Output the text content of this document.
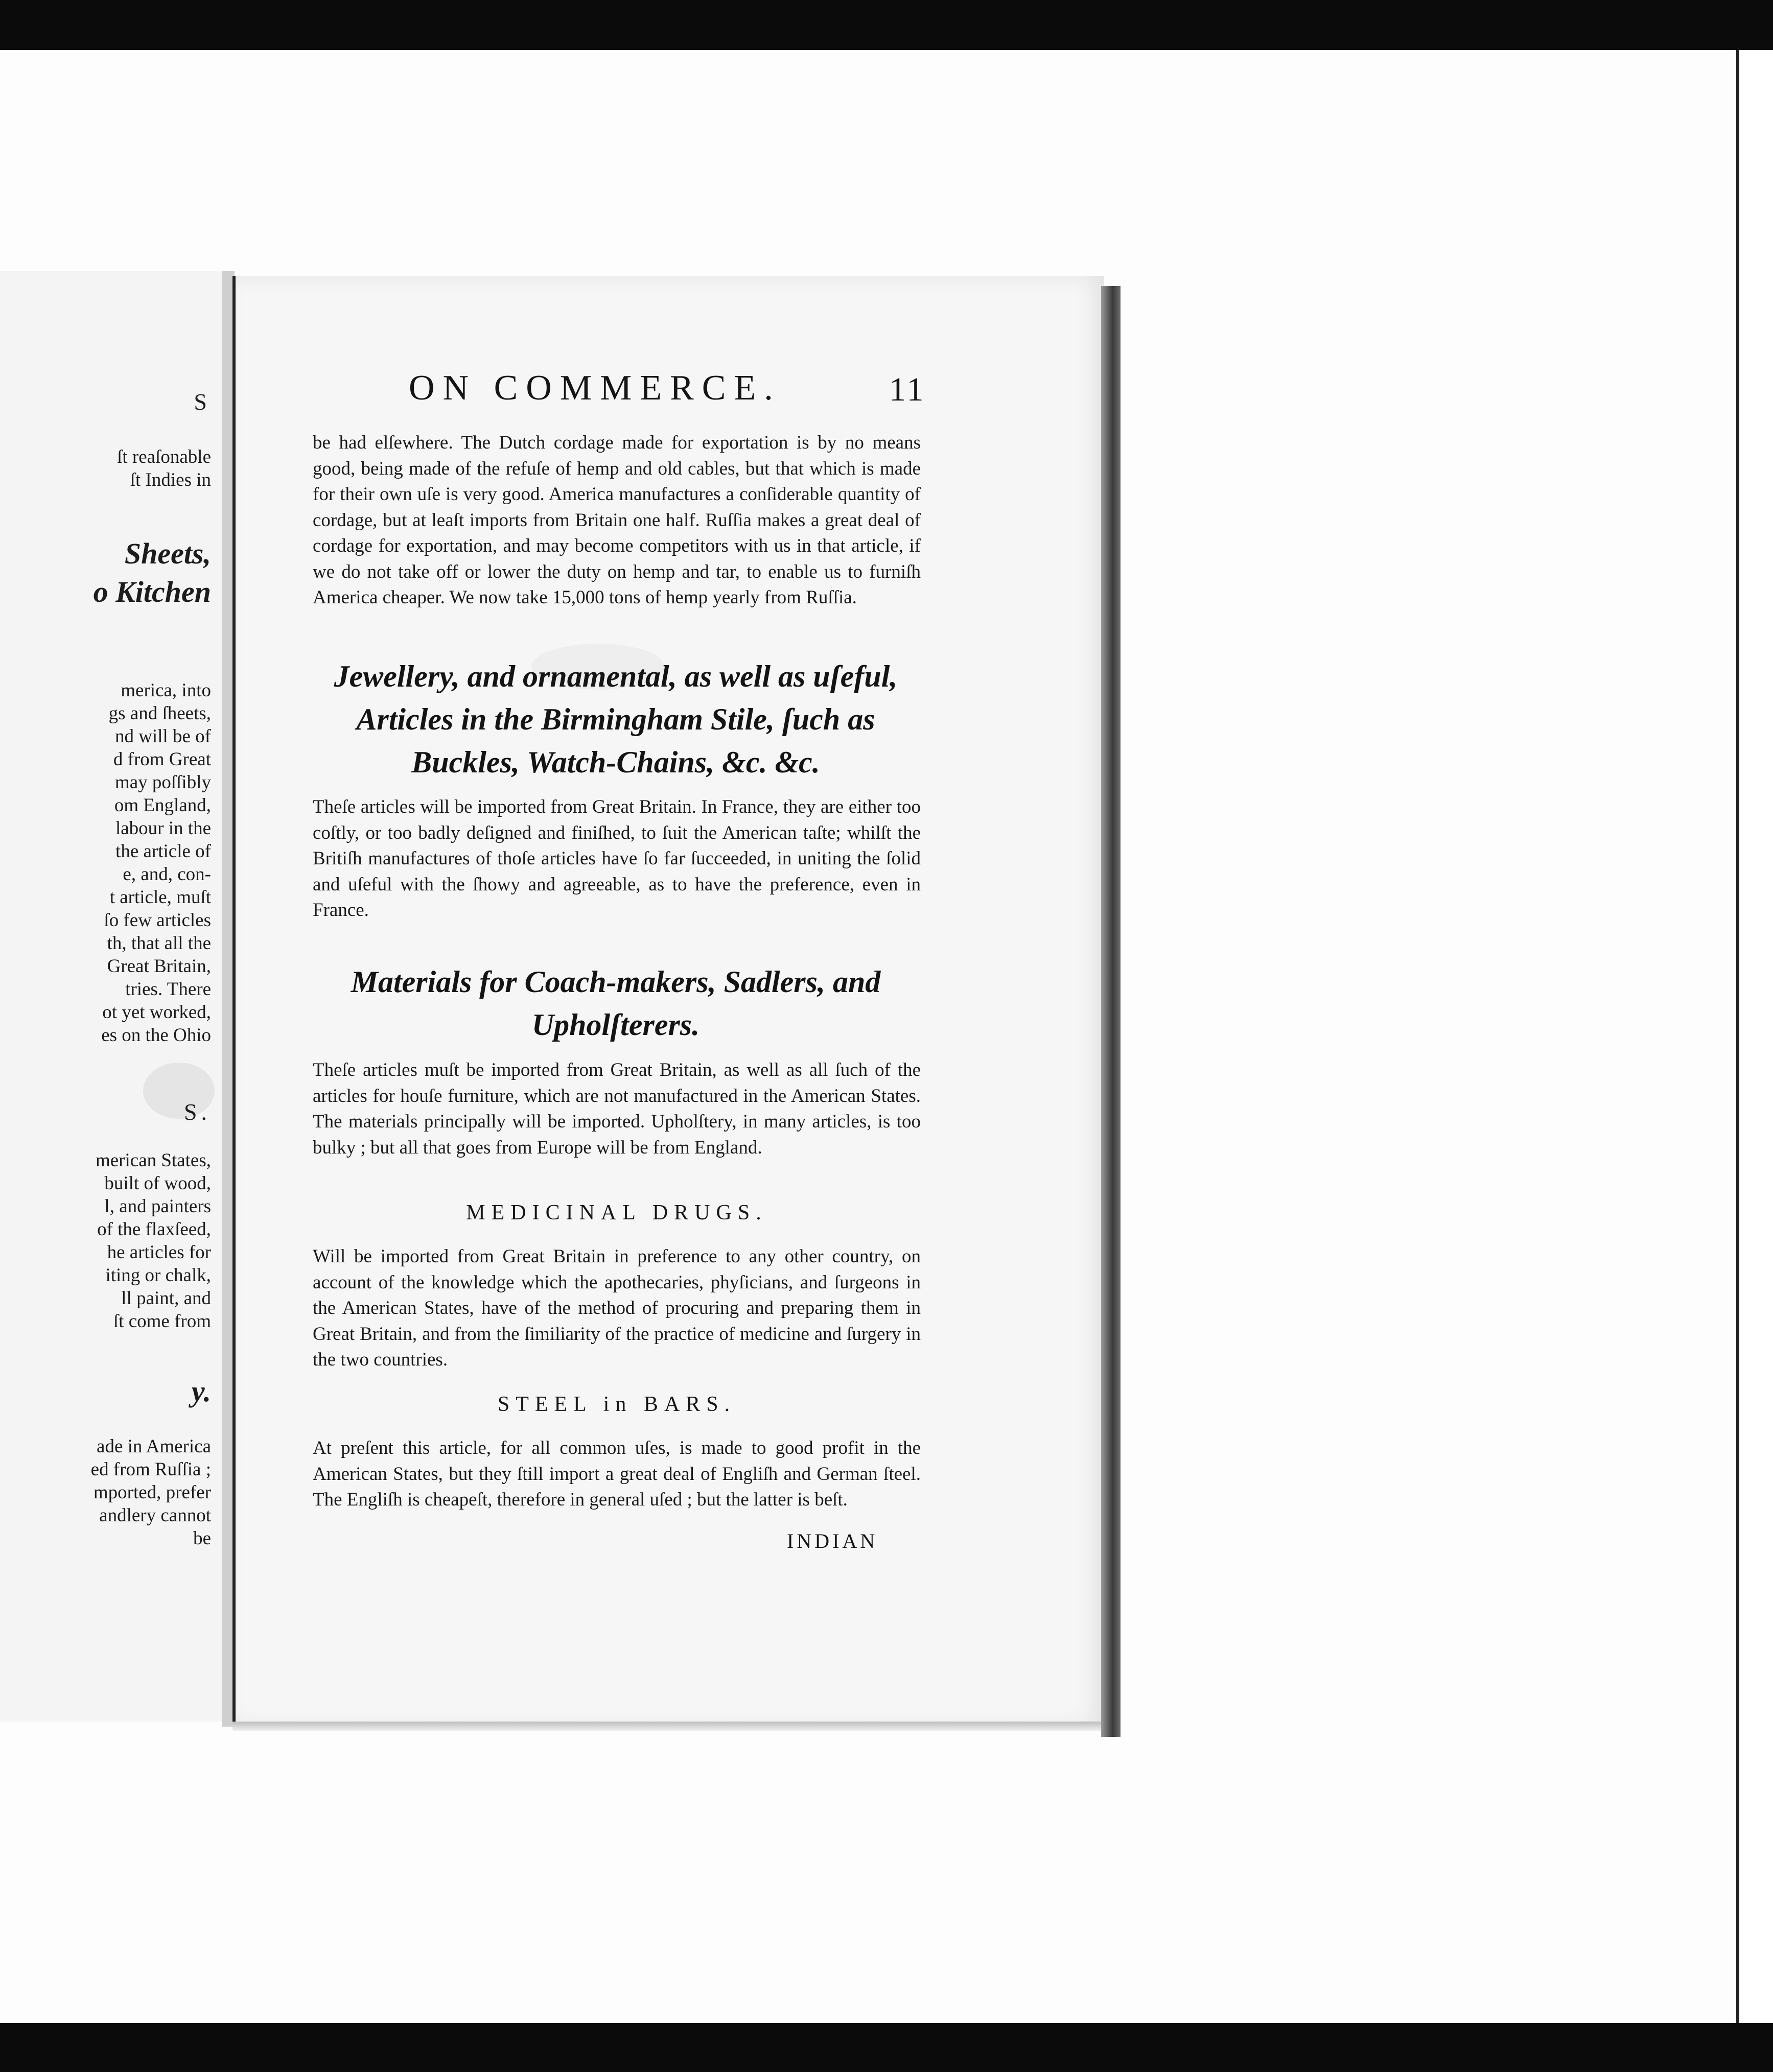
S
ſt reaſonable
ſt Indies in
Sheets,
o Kitchen
merica, into
gs and ſheets,
nd will be of
d from Great
may poſſibly
om England,
labour in the
the article of
e, and, con-
t article, muſt
ſo few articles
th, that all the
Great Britain,
tries. There
ot yet worked,
es on the Ohio
S.
merican States,
built of wood,
l, and painters
of the flaxſeed,
he articles for
iting or chalk,
ll paint, and
ſt come from
y.
ade in America
ed from Ruſſia ;
mported, prefer
andlery cannot
be
ON COMMERCE.	11
be had elſewhere. The Dutch cordage made for exportation is by no means good, being made of the refuſe of hemp and old cables, but that which is made for their own uſe is very good. America manufactures a conſiderable quantity of cordage, but at leaſt imports from Britain one half. Ruſſia makes a great deal of cordage for exportation, and may become competitors with us in that article, if we do not take off or lower the duty on hemp and tar, to enable us to furniſh America cheaper. We now take 15,000 tons of hemp yearly from Ruſſia.
Jewellery, and ornamental, as well as uſeful,
Articles in the Birmingham Stile, ſuch as
Buckles, Watch-Chains, &c. &c.
Theſe articles will be imported from Great Britain. In France, they are either too coſtly, or too badly deſigned and finiſhed, to ſuit the American taſte; whilſt the Britiſh manufactures of thoſe articles have ſo far ſucceeded, in uniting the ſolid and uſeful with the ſhowy and agreeable, as to have the preference, even in France.
Materials for Coach-makers, Sadlers, and
Upholſterers.
Theſe articles muſt be imported from Great Britain, as well as all ſuch of the articles for houſe furniture, which are not manufactured in the American States. The materials principally will be imported. Upholſtery, in many articles, is too bulky ; but all that goes from Europe will be from England.
MEDICINAL DRUGS.
Will be imported from Great Britain in preference to any other country, on account of the knowledge which the apothecaries, phyſicians, and ſurgeons in the American States, have of the method of procuring and preparing them in Great Britain, and from the ſimiliarity of the practice of medicine and ſurgery in the two countries.
STEEL in BARS.
At preſent this article, for all common uſes, is made to good profit in the American States, but they ſtill import a great deal of Engliſh and German ſteel. The Engliſh is cheapeſt, therefore in general uſed ; but the latter is beſt.
INDIAN
